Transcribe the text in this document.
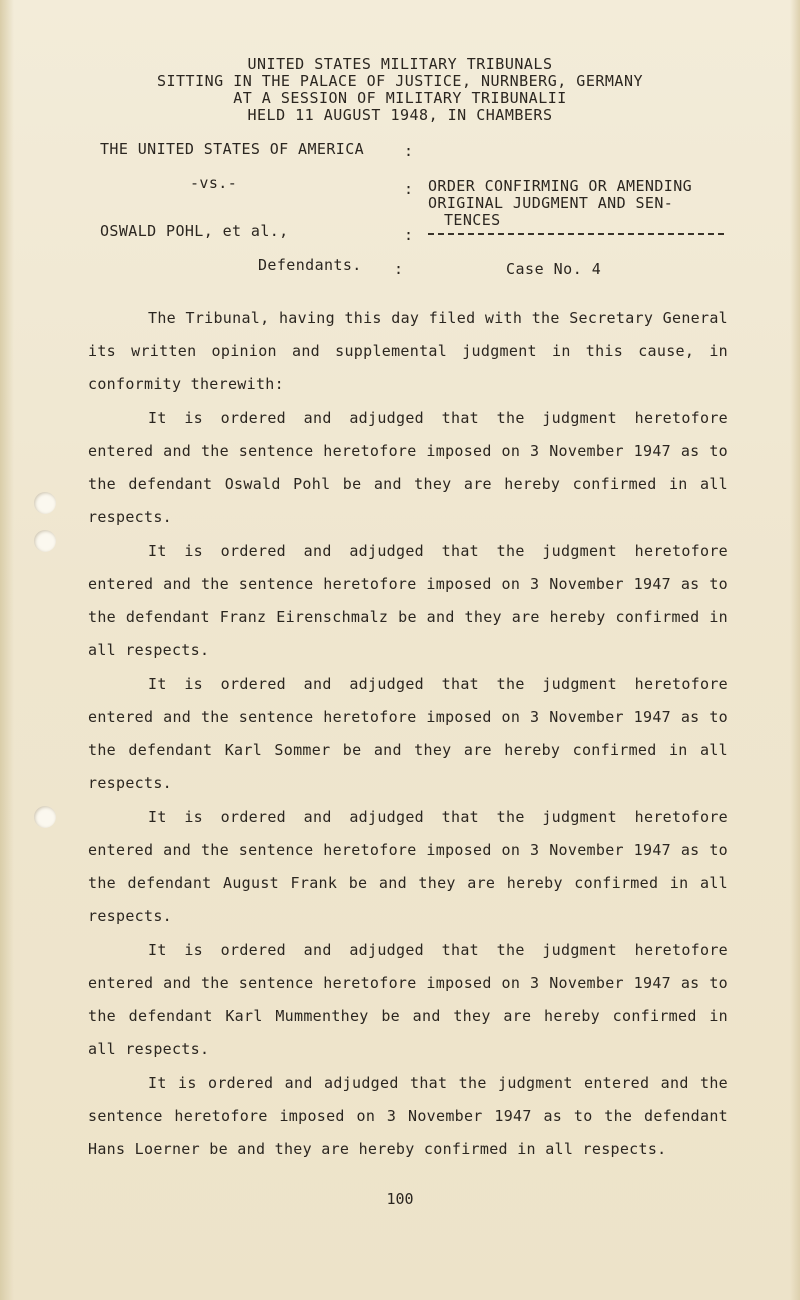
UNITED STATES MILITARY TRIBUNALS
SITTING IN THE PALACE OF JUSTICE, NURNBERG, GERMANY
AT A SESSION OF MILITARY TRIBUNALII
HELD 11 AUGUST 1948, IN CHAMBERS
THE UNITED STATES OF AMERICA	:
-vs.-	: ORDER CONFIRMING OR AMENDING
ORIGINAL JUDGMENT AND SEN-
TENCES
OSWALD POHL, et al.,	:
Defendants. :	Case No. 4

The Tribunal, having this day filed with the Secretary General its written opinion and supplemental judgment in this cause, in conformity therewith:

It is ordered and adjudged that the judgment heretofore entered and the sentence heretofore imposed on 3 November 1947 as to the defendant Oswald Pohl be and they are hereby confirmed in all respects.

It is ordered and adjudged that the judgment heretofore entered and the sentence heretofore imposed on 3 November 1947 as to the defendant Franz Eirenschmalz be and they are hereby confirmed in all respects.

It is ordered and adjudged that the judgment heretofore entered and the sentence heretofore imposed on 3 November 1947 as to the defendant Karl Sommer be and they are hereby confirmed in all respects.

It is ordered and adjudged that the judgment heretofore entered and the sentence heretofore imposed on 3 November 1947 as to the defendant August Frank be and they are hereby confirmed in all respects.

It is ordered and adjudged that the judgment heretofore entered and the sentence heretofore imposed on 3 November 1947 as to the defendant Karl Mummenthey be and they are hereby confirmed in all respects.

It is ordered and adjudged that the judgment entered and the sentence heretofore imposed on 3 November 1947 as to the defendant Hans Loerner be and they are hereby confirmed in all respects.

100
